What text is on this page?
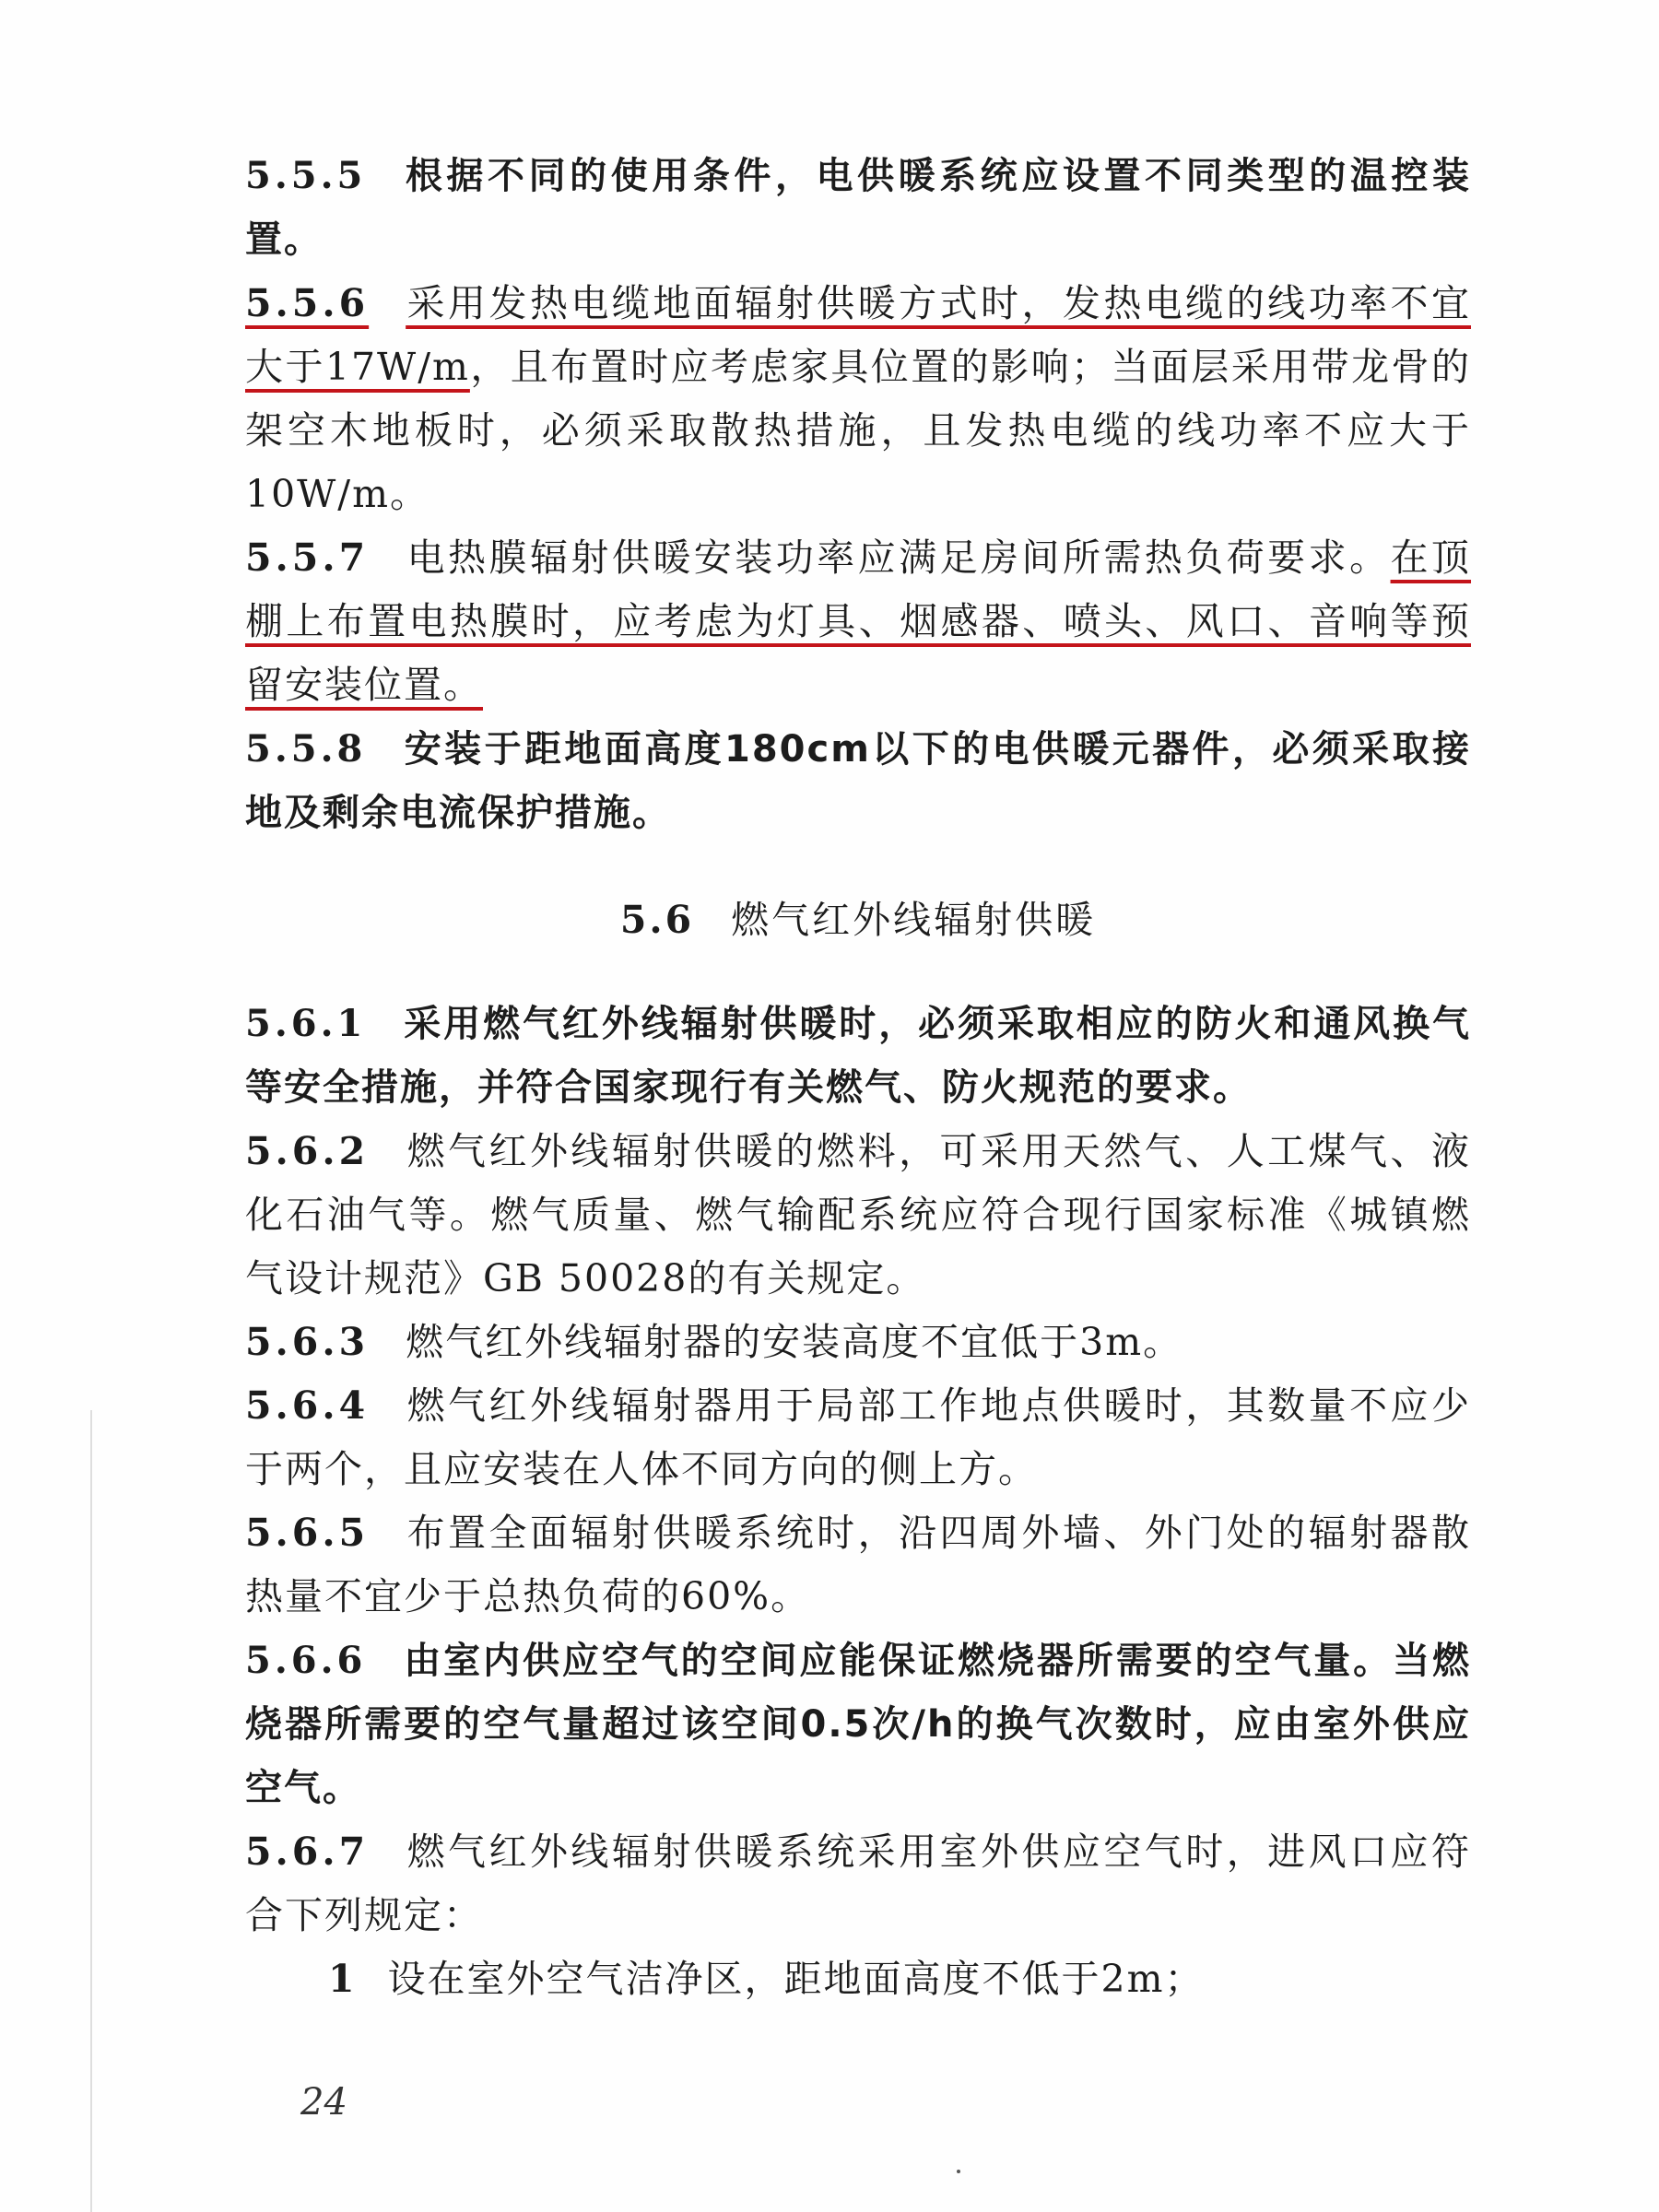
5.5.5 根据不同的使用条件，电供暖系统应设置不同类型的温控装置。

5.5.6 采用发热电缆地面辐射供暖方式时，发热电缆的线功率不宜大于17W/m，且布置时应考虑家具位置的影响；当面层采用带龙骨的架空木地板时，必须采取散热措施，且发热电缆的线功率不应大于10W/m。

5.5.7 电热膜辐射供暖安装功率应满足房间所需热负荷要求。在顶棚上布置电热膜时，应考虑为灯具、烟感器、喷头、风口、音响等预留安装位置。

5.5.8 安装于距地面高度180cm以下的电供暖元器件，必须采取接地及剩余电流保护措施。

5.6 燃气红外线辐射供暖

5.6.1 采用燃气红外线辐射供暖时，必须采取相应的防火和通风换气等安全措施，并符合国家现行有关燃气、防火规范的要求。

5.6.2 燃气红外线辐射供暖的燃料，可采用天然气、人工煤气、液化石油气等。燃气质量、燃气输配系统应符合现行国家标准《城镇燃气设计规范》GB 50028的有关规定。

5.6.3 燃气红外线辐射器的安装高度不宜低于3m。

5.6.4 燃气红外线辐射器用于局部工作地点供暖时，其数量不应少于两个，且应安装在人体不同方向的侧上方。

5.6.5 布置全面辐射供暖系统时，沿四周外墙、外门处的辐射器散热量不宜少于总热负荷的60%。

5.6.6 由室内供应空气的空间应能保证燃烧器所需要的空气量。当燃烧器所需要的空气量超过该空间0.5次/h的换气次数时，应由室外供应空气。

5.6.7 燃气红外线辐射供暖系统采用室外供应空气时，进风口应符合下列规定：

1 设在室外空气洁净区，距地面高度不低于2m；

24
